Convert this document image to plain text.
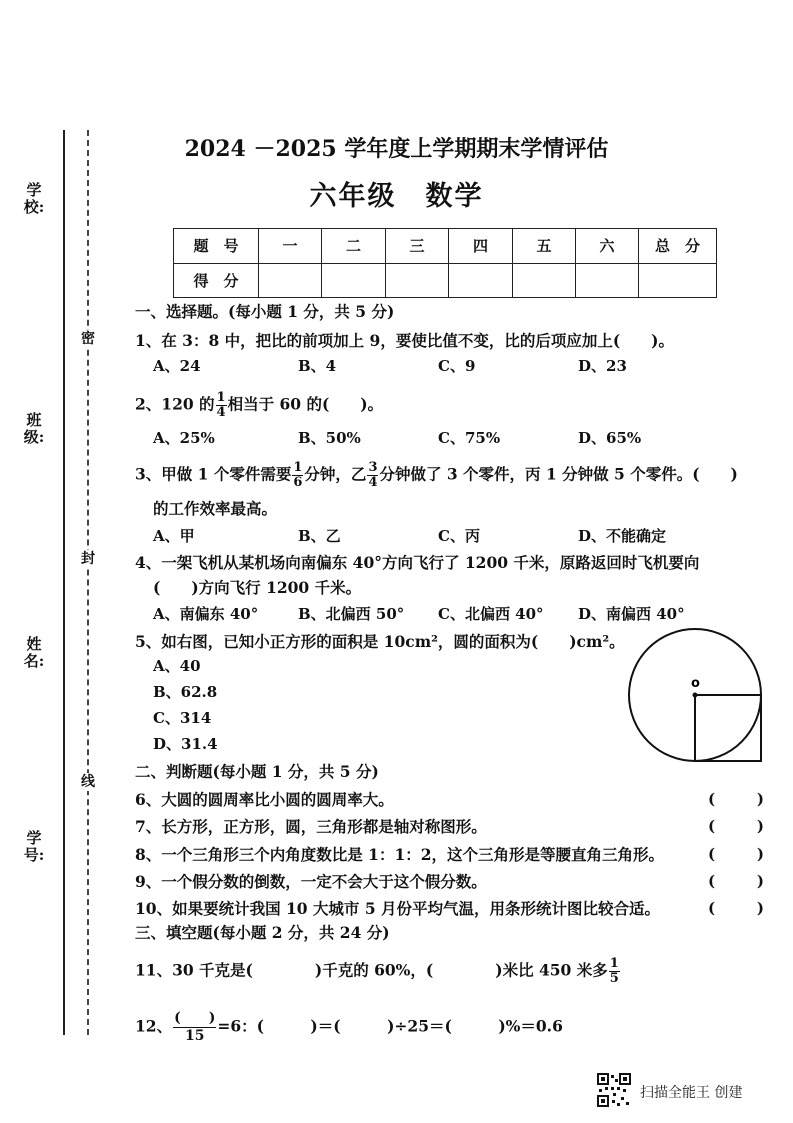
学校:
班级:
姓名:
学号:
密
封
线
2024 －2025 学年度上学期期末学情评估
六年级　数学
题　号	一	二	三	四	五	六	总　分
得　分							
一、选择题。(每小题 1 分，共 5 分)
1、在 3：8 中，把比的前项加上 9，要使比值不变，比的后项应加上(　　)。
A、24	B、4	C、9	D、23
2、120 的 $\frac{1}{4}$ 相当于 60 的(　　)。
A、25%	B、50%	C、75%	D、65%
3、甲做 1 个零件需要 $\frac{1}{6}$ 分钟，乙 $\frac{3}{4}$ 分钟做了 3 个零件，丙 1 分钟做 5 个零件。(　　)
的工作效率最高。
A、甲	B、乙	C、丙	D、不能确定
4、一架飞机从某机场向南偏东 40°方向飞行了 1200 千米，原路返回时飞机要向
(　　)方向飞行 1200 千米。
A、南偏东 40°	B、北偏西 50° C、北偏西 40° D、南偏西 40°
5、如右图，已知小正方形的面积是 10cm²，圆的面积为(　　)cm²。
A、40
B、62.8
C、314
D、31.4
o
二、判断题(每小题 1 分，共 5 分)
6、大圆的圆周率比小圆的圆周率大。	(	)
7、长方形，正方形，圆，三角形都是轴对称图形。	(	)
8、一个三角形三个内角度数比是 1：1：2，这个三角形是等腰直角三角形。	(	)
9、一个假分数的倒数，一定不会大于这个假分数。	(	)
10、如果要统计我国 10 大城市 5 月份平均气温，用条形统计图比较合适。	(	)
三、填空题(每小题 2 分，共 24 分)
11、30 千克是(　　　　)千克的 60%，(　　　　)米比 450 米多 $\frac{1}{5}$
12、 $\frac{( )}{15} =6$：(　　　)＝(　　　)÷25＝(　　　)%＝0.6
扫描全能王 创建
